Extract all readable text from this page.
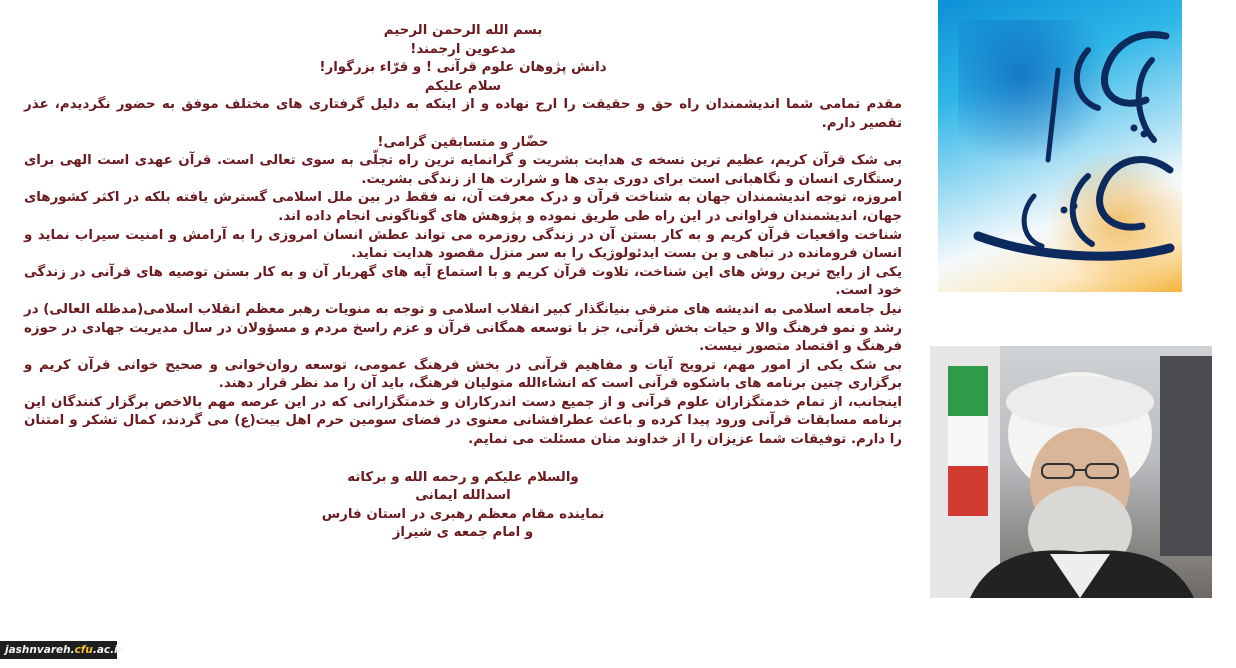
بسم الله الرحمن الرحیم

مدعوین ارجمند!

دانش پژوهان علوم قرآنی ! و قرّاء بزرگوار!

سلام علیکم

مقدم تمامی شما اندیشمندان راه حق و حقیقت را ارج نهاده و از اینکه به دلیل گرفتاری های مختلف موفق به حضور نگردیدم، عذر تقصیر دارم.

حضّار و متسابقین گرامی!

بی شک قرآن کریم، عظیم ترین نسخه ی هدایت بشریت و گرانمایه ترین راه تجلّی به سوی تعالی است. قرآن عهدی است الهی برای رستگاری انسان و نگاهبانی است برای دوری بدی ها و شرارت ها از زندگی بشریت.

امروزه، توجه اندیشمندان جهان به شناخت قرآن و درک معرفت آن، نه فقط در بین ملل اسلامی گسترش یافته بلکه در اکثر کشورهای جهان، اندیشمندان فراوانی در این راه طی طریق نموده و پژوهش های گوناگونی انجام داده اند.

شناخت واقعیات قرآن کریم و به کار بستن آن در زندگی روزمره می تواند عطش انسان امروزی را به آرامش و امنیت سیراب نماید و انسان فرومانده در تباهی و بن بست ایدئولوژیک را به سر منزل مقصود هدایت نماید.

یکی از رایج ترین روش های این شناخت، تلاوت قرآن کریم و با استماع آیه های گهربار آن و به کار بستن توصیه های قرآنی در زندگی خود است.

نیل جامعه اسلامی به اندیشه های مترقی بنیانگذار کبیر انقلاب اسلامی و توجه به منویات رهبر معظم انقلاب اسلامی(مدظله العالی) در رشد و نمو فرهنگ والا و حیات بخش قرآنی، جز با توسعه همگانی قرآن و عزم راسخ مردم و مسؤولان در سال مدیریت جهادی در حوزه فرهنگ و اقتصاد متصور نیست.

بی شک یکی از امور مهم، ترویج آیات و مفاهیم قرآنی در بخش فرهنگ عمومی، توسعه روان‌خوانی و صحیح خوانی قرآن کریم و برگزاری چنین برنامه های باشکوه قرآنی است که انشاءالله متولیان فرهنگ، باید آن را مد نظر قرار دهند.

اینجانب، از تمام خدمتگزاران علوم قرآنی و از جمیع دست اندرکاران و خدمتگزارانی که در این عرصه مهم بالاخص برگزار کنندگان این برنامه مسابقات قرآنی ورود پیدا کرده و باعث عطرافشانی معنوی در فضای سومین حرم اهل بیت(ع) می گردند، کمال تشکر و امتنان را دارم. توفیقات شما عزیزان را از خداوند منان مسئلت می نمایم.

والسلام علیکم و رحمه الله و برکاته

اسدالله ایمانی

نماینده مقام معظم رهبری در استان فارس

و امام جمعه ی شیراز

jashnvareh.cfu.ac.ir
